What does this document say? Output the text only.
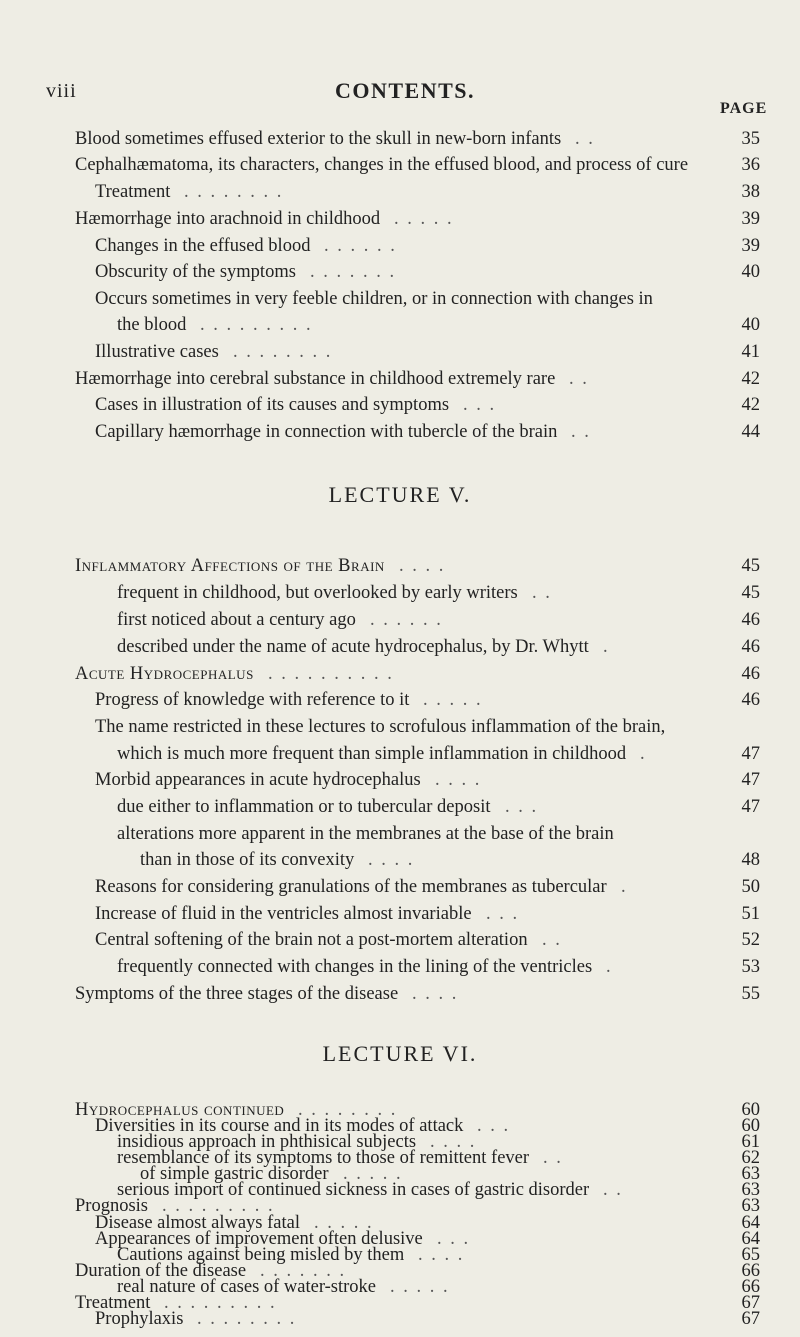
viii	CONTENTS.
PAGE
Blood sometimes effused exterior to the skull in new-born infants . .	35
Cephalhæmatoma, its characters, changes in the effused blood, and process of cure	36
Treatment . . . . . . . .	38
Hæmorrhage into arachnoid in childhood . . . . .	39
Changes in the effused blood . . . . . .	39
Obscurity of the symptoms . . . . . . .	40
Occurs sometimes in very feeble children, or in connection with changes in
the blood . . . . . . . . .	40
Illustrative cases . . . . . . . .	41
Hæmorrhage into cerebral substance in childhood extremely rare . .	42
Cases in illustration of its causes and symptoms . . .	42
Capillary hæmorrhage in connection with tubercle of the brain . .	44
LECTURE V.
Inflammatory Affections of the Brain . . . .	45
frequent in childhood, but overlooked by early writers . .	45
first noticed about a century ago . . . . . .	46
described under the name of acute hydrocephalus, by Dr. Whytt .	46
Acute Hydrocephalus . . . . . . . . . .	46
Progress of knowledge with reference to it . . . . .	46
The name restricted in these lectures to scrofulous inflammation of the brain,
which is much more frequent than simple inflammation in childhood .	47
Morbid appearances in acute hydrocephalus . . . .	47
due either to inflammation or to tubercular deposit . . .	47
alterations more apparent in the membranes at the base of the brain
than in those of its convexity . . . .	48
Reasons for considering granulations of the membranes as tubercular .	50
Increase of fluid in the ventricles almost invariable . . .	51
Central softening of the brain not a post-mortem alteration . .	52
frequently connected with changes in the lining of the ventricles .	53
Symptoms of the three stages of the disease . . . .	55
LECTURE VI.
Hydrocephalus continued . . . . . . . .	60
Diversities in its course and in its modes of attack . . .	60
insidious approach in phthisical subjects . . . .	61
resemblance of its symptoms to those of remittent fever . .	62
of simple gastric disorder . . . . .	63
serious import of continued sickness in cases of gastric disorder . .	63
Prognosis . . . . . . . . .	63
Disease almost always fatal . . . . .	64
Appearances of improvement often delusive . . .	64
Cautions against being misled by them . . . .	65
Duration of the disease . . . . . . .	66
real nature of cases of water-stroke . . . . .	66
Treatment . . . . . . . . .	67
Prophylaxis . . . . . . . .	67
